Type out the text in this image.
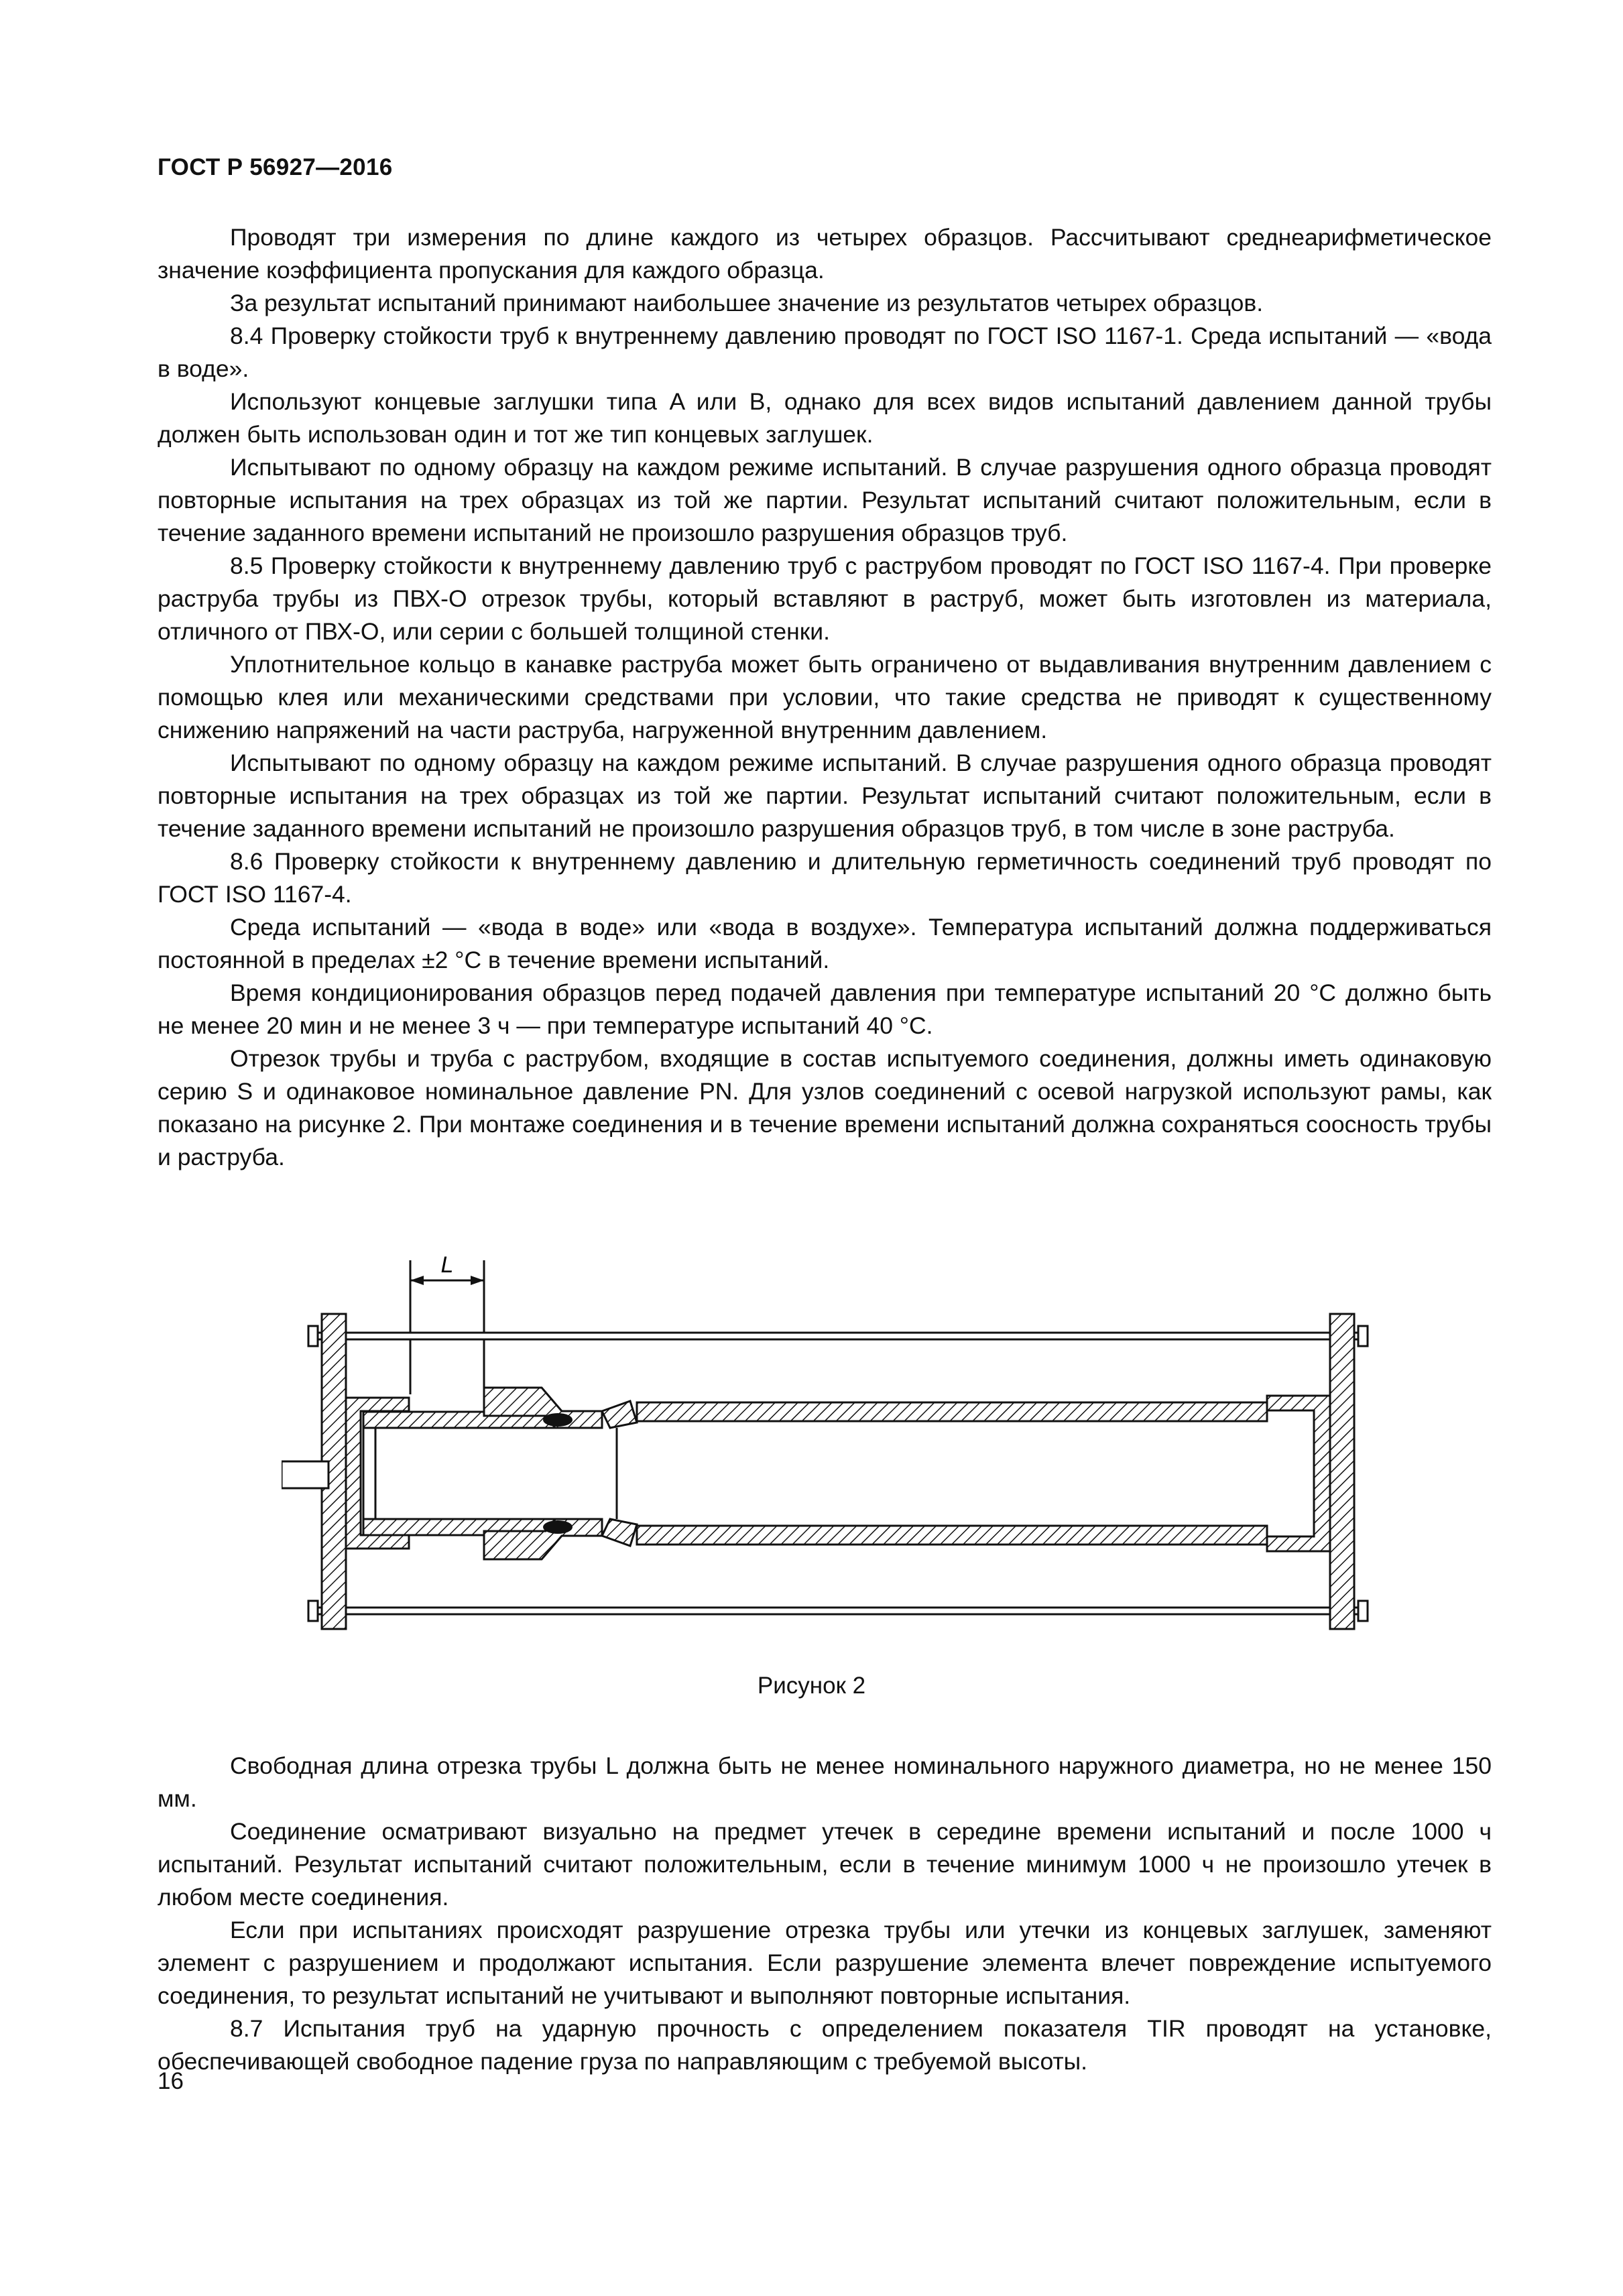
ГОСТ Р 56927—2016

Проводят три измерения по длине каждого из четырех образцов. Рассчитывают среднеарифметическое значение коэффициента пропускания для каждого образца.

За результат испытаний принимают наибольшее значение из результатов четырех образцов.

8.4 Проверку стойкости труб к внутреннему давлению проводят по ГОСТ ISO 1167-1. Среда испытаний — «вода в воде».

Используют концевые заглушки типа A или B, однако для всех видов испытаний давлением данной трубы должен быть использован один и тот же тип концевых заглушек.

Испытывают по одному образцу на каждом режиме испытаний. В случае разрушения одного образца проводят повторные испытания на трех образцах из той же партии. Результат испытаний считают положительным, если в течение заданного времени испытаний не произошло разрушения образцов труб.

8.5 Проверку стойкости к внутреннему давлению труб с раструбом проводят по ГОСТ ISO 1167-4. При проверке раструба трубы из ПВХ-О отрезок трубы, который вставляют в раструб, может быть изготовлен из материала, отличного от ПВХ-О, или серии с большей толщиной стенки.

Уплотнительное кольцо в канавке раструба может быть ограничено от выдавливания внутренним давлением с помощью клея или механическими средствами при условии, что такие средства не приводят к существенному снижению напряжений на части раструба, нагруженной внутренним давлением.

Испытывают по одному образцу на каждом режиме испытаний. В случае разрушения одного образца проводят повторные испытания на трех образцах из той же партии. Результат испытаний считают положительным, если в течение заданного времени испытаний не произошло разрушения образцов труб, в том числе в зоне раструба.

8.6 Проверку стойкости к внутреннему давлению и длительную герметичность соединений труб проводят по ГОСТ ISO 1167-4.

Среда испытаний — «вода в воде» или «вода в воздухе». Температура испытаний должна поддерживаться постоянной в пределах ±2 °С в течение времени испытаний.

Время кондиционирования образцов перед подачей давления при температуре испытаний 20 °С должно быть не менее 20 мин и не менее 3 ч — при температуре испытаний 40 °С.

Отрезок трубы и труба с раструбом, входящие в состав испытуемого соединения, должны иметь одинаковую серию S и одинаковое номинальное давление PN. Для узлов соединений с осевой нагрузкой используют рамы, как показано на рисунке 2. При монтаже соединения и в течение времени испытаний должна сохраняться соосность трубы и раструба.

L
Рисунок 2

Свободная длина отрезка трубы L должна быть не менее номинального наружного диаметра, но не менее 150 мм.

Соединение осматривают визуально на предмет утечек в середине времени испытаний и после 1000 ч испытаний. Результат испытаний считают положительным, если в течение минимум 1000 ч не произошло утечек в любом месте соединения.

Если при испытаниях происходят разрушение отрезка трубы или утечки из концевых заглушек, заменяют элемент с разрушением и продолжают испытания. Если разрушение элемента влечет повреждение испытуемого соединения, то результат испытаний не учитывают и выполняют повторные испытания.

8.7 Испытания труб на ударную прочность с определением показателя TIR проводят на установке, обеспечивающей свободное падение груза по направляющим с требуемой высоты.

16
